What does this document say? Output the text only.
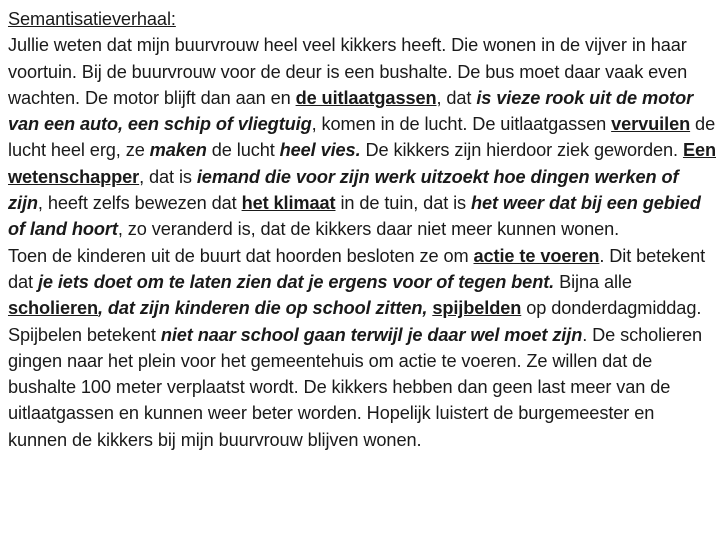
Semantisatieverhaal:

Jullie weten dat mijn buurvrouw heel veel kikkers heeft. Die wonen in de vijver in haar voortuin. Bij de buurvrouw voor de deur is een bushalte. De bus moet daar vaak even wachten. De motor blijft dan aan en de uitlaatgassen, dat is vieze rook uit de motor van een auto, een schip of vliegtuig, komen in de lucht. De uitlaatgassen vervuilen de lucht heel erg, ze maken de lucht heel vies. De kikkers zijn hierdoor ziek geworden. Een wetenschapper, dat is iemand die voor zijn werk uitzoekt hoe dingen werken of zijn, heeft zelfs bewezen dat het klimaat in de tuin, dat is het weer dat bij een gebied of land hoort, zo veranderd is, dat de kikkers daar niet meer kunnen wonen.

Toen de kinderen uit de buurt dat hoorden besloten ze om actie te voeren. Dit betekent dat je iets doet om te laten zien dat je ergens voor of tegen bent. Bijna alle scholieren, dat zijn kinderen die op school zitten, spijbelden op donderdagmiddag. Spijbelen betekent niet naar school gaan terwijl je daar wel moet zijn. De scholieren gingen naar het plein voor het gemeentehuis om actie te voeren. Ze willen dat de bushalte 100 meter verplaatst wordt. De kikkers hebben dan geen last meer van de uitlaatgassen en kunnen weer beter worden. Hopelijk luistert de burgemeester en kunnen de kikkers bij mijn buurvrouw blijven wonen.
